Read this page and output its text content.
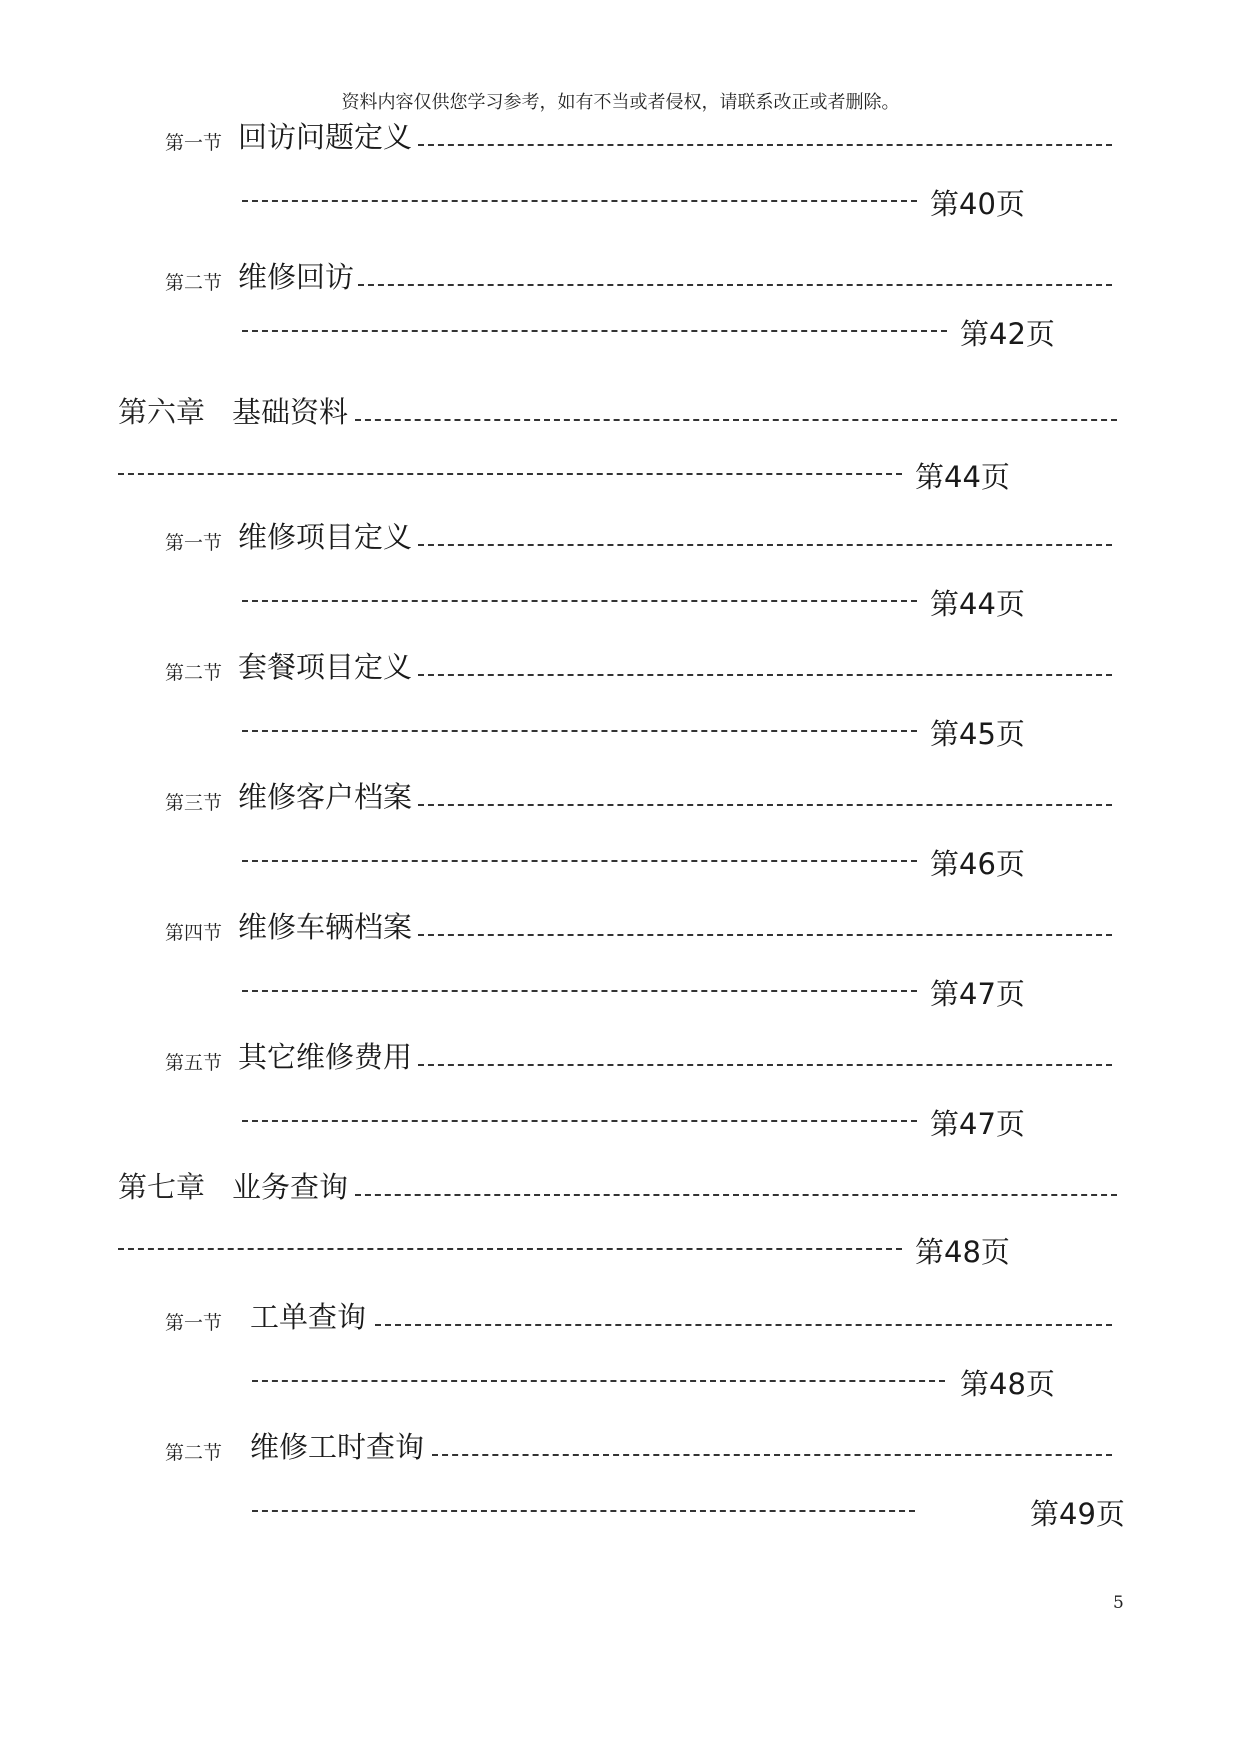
资料内容仅供您学习参考，如有不当或者侵权，请联系改正或者删除。
第一节 回访问题定义
第40页
第二节 维修回访
第42页
第六章 基础资料
第44页
第一节 维修项目定义
第44页
第二节 套餐项目定义
第45页
第三节 维修客户档案
第46页
第四节 维修车辆档案
第47页
第五节 其它维修费用
第47页
第七章 业务查询
第48页
第一节 工单查询
第48页
第二节 维修工时查询
第49页
5
